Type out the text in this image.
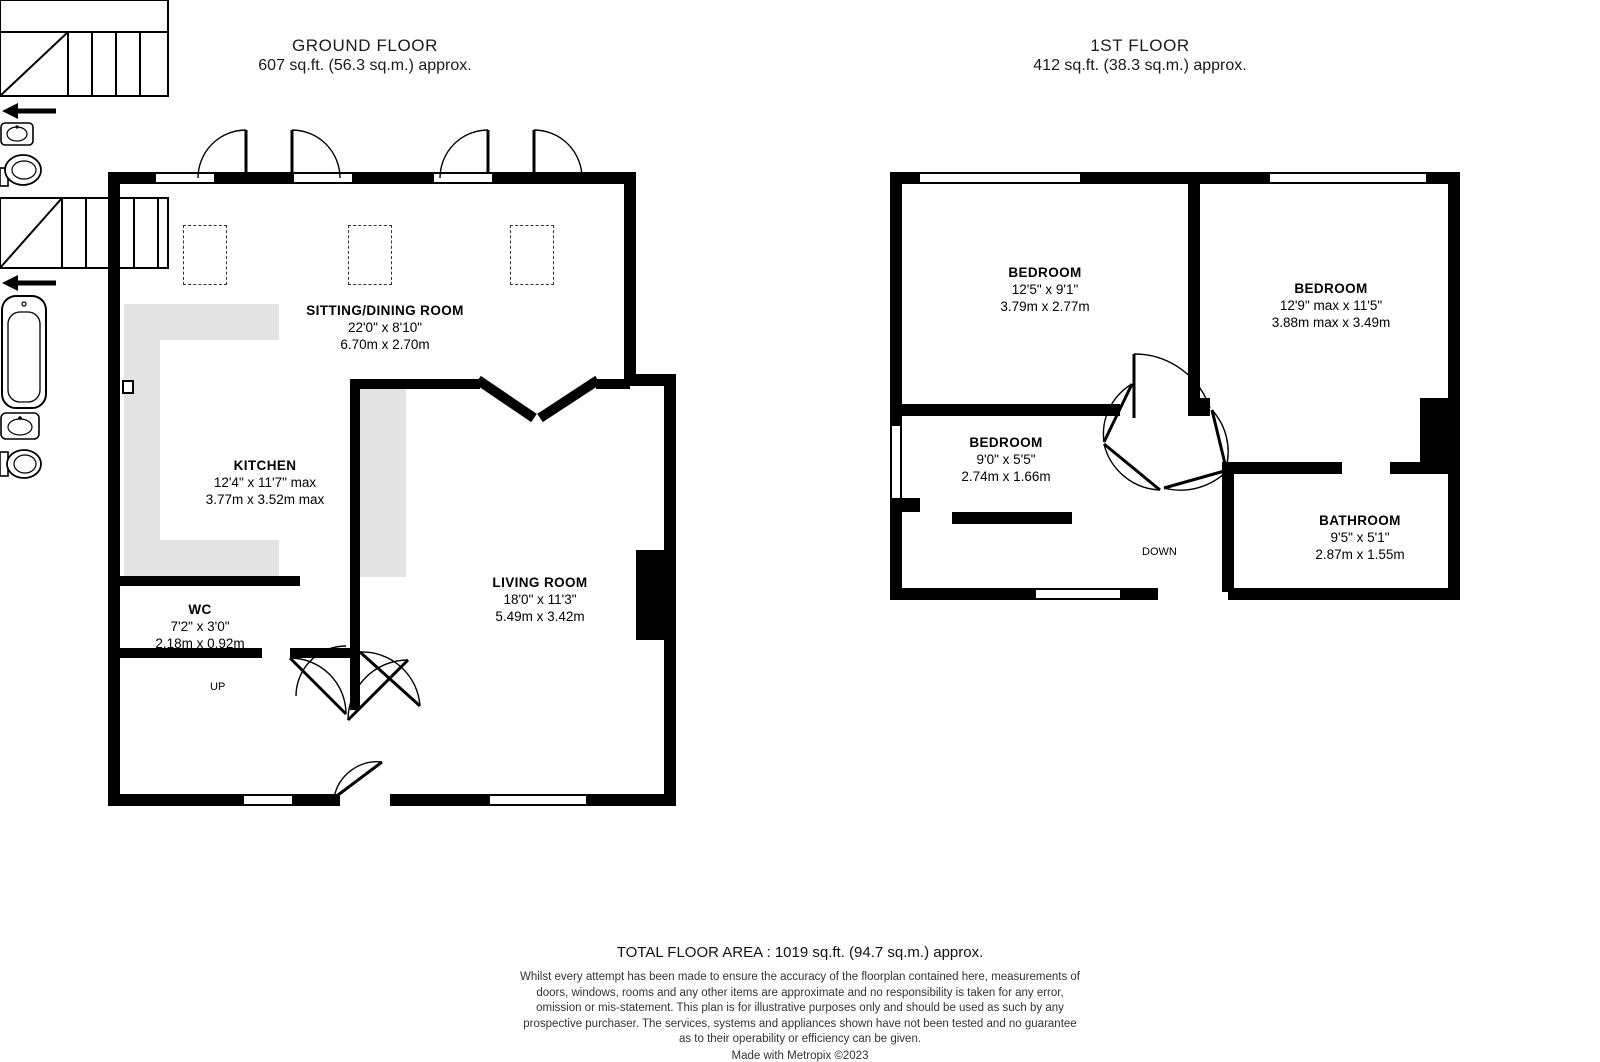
GROUND FLOOR
607 sq.ft. (56.3 sq.m.) approx.
UP
SITTING/DINING ROOM
22'0" x 8'10"
6.70m x 2.70m
KITCHEN
12'4" x 11'7" max
3.77m x 3.52m max
LIVING ROOM
18'0" x 11'3"
5.49m x 3.42m
WC
7'2" x 3'0"
2.18m x 0.92m
1ST FLOOR
412 sq.ft. (38.3 sq.m.) approx.
DOWN
BEDROOM
12'5" x 9'1"
3.79m x 2.77m
BEDROOM
12'9" max x 11'5"
3.88m max x 3.49m
BEDROOM
9'0" x 5'5"
2.74m x 1.66m
BATHROOM
9'5" x 5'1"
2.87m x 1.55m
TOTAL FLOOR AREA : 1019 sq.ft. (94.7 sq.m.) approx.
Whilst every attempt has been made to ensure the accuracy of the floorplan contained here, measurements of doors, windows, rooms and any other items are approximate and no responsibility is taken for any error, omission or mis-statement. This plan is for illustrative purposes only and should be used as such by any prospective purchaser. The services, systems and appliances shown have not been tested and no guarantee as to their operability or efficiency can be given.
Made with Metropix ©2023
